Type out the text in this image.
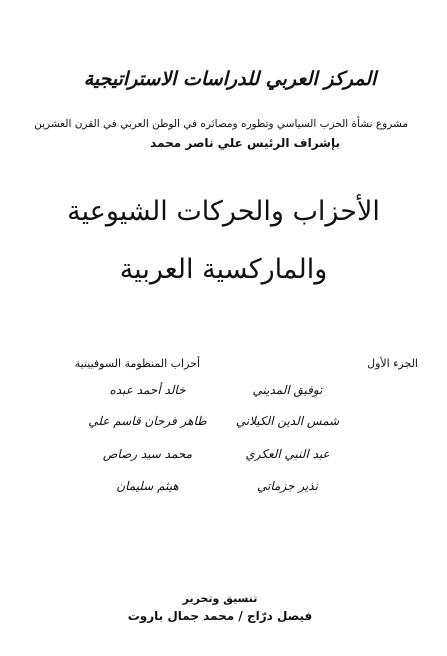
المركز العربي للدراسات الاستراتيجية
مشروع نشأة الحزب السياسي وتطوره ومصائره في الوطن العربي في القرن العشرين
بإشراف الرئيس علي ناصر محمد
الأحزاب والحركات الشيوعية
والماركسية العربية
الجزء الأول
أحزاب المنظومة السوفييتية
توفيق المديني
شمس الدين الكيلاني
عبد النبي العكري
نذير جزماتي
خالد أحمد عبده
طاهر فرحان قاسم علي
محمد سيد رصاص
هيثم سليمان
تنسيق وتحرير
فيصل درّاج / محمد جمال باروت
